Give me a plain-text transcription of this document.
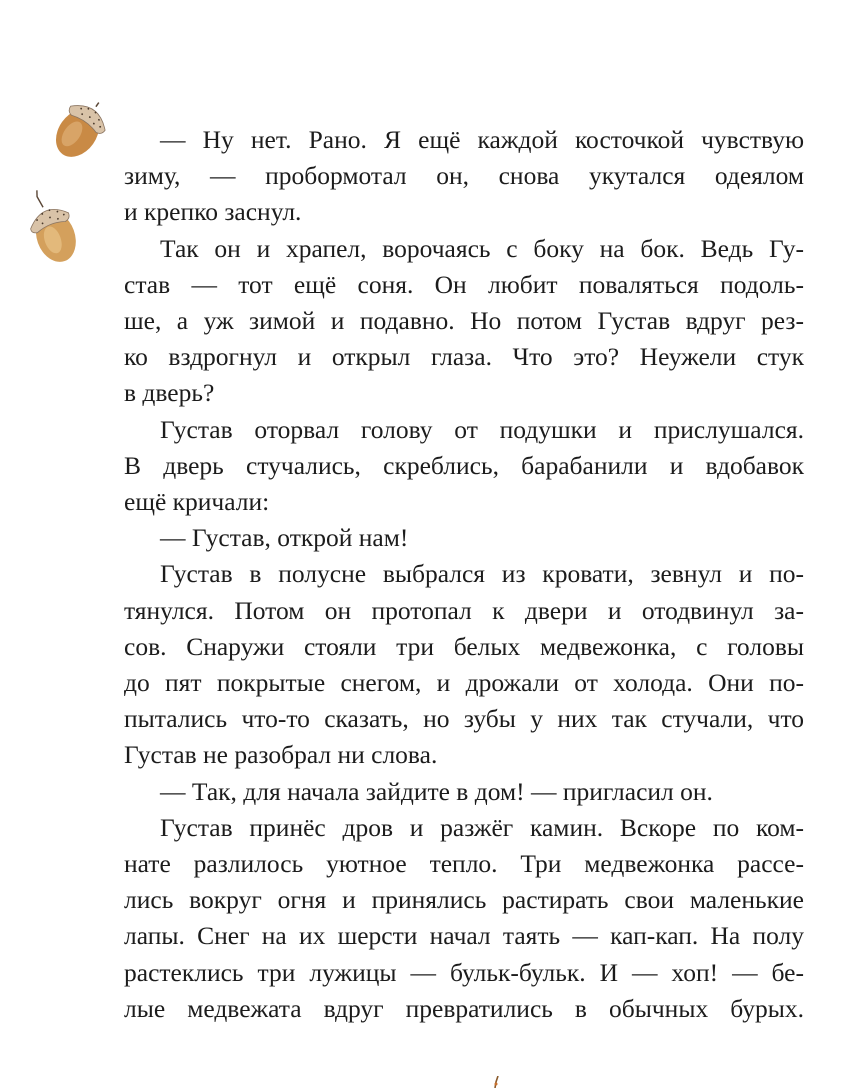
— Ну нет. Рано. Я ещё каждой косточкой чувствую
зиму, — пробормотал он, снова укутался одеялом
и крепко заснул.
Так он и храпел, ворочаясь с боку на бок. Ведь Гу-
став — тот ещё соня. Он любит поваляться подоль-
ше, а уж зимой и подавно. Но потом Густав вдруг рез-
ко вздрогнул и открыл глаза. Что это? Неужели стук
в дверь?
Густав оторвал голову от подушки и прислушался.
В дверь стучались, скреблись, барабанили и вдобавок
ещё кричали:
— Густав, открой нам!
Густав в полусне выбрался из кровати, зевнул и по-
тянулся. Потом он протопал к двери и отодвинул за-
сов. Снаружи стояли три белых медвежонка, с головы
до пят покрытые снегом, и дрожали от холода. Они по-
пытались что-то сказать, но зубы у них так стучали, что
Густав не разобрал ни слова.
— Так, для начала зайдите в дом! — пригласил он.
Густав принёс дров и разжёг камин. Вскоре по ком-
нате разлилось уютное тепло. Три медвежонка рассе-
лись вокруг огня и принялись растирать свои маленькие
лапы. Снег на их шерсти начал таять — кап-кап. На полу
растеклись три лужицы — бульк-бульк. И — хоп! — бе-
лые медвежата вдруг превратились в обычных бурых.
